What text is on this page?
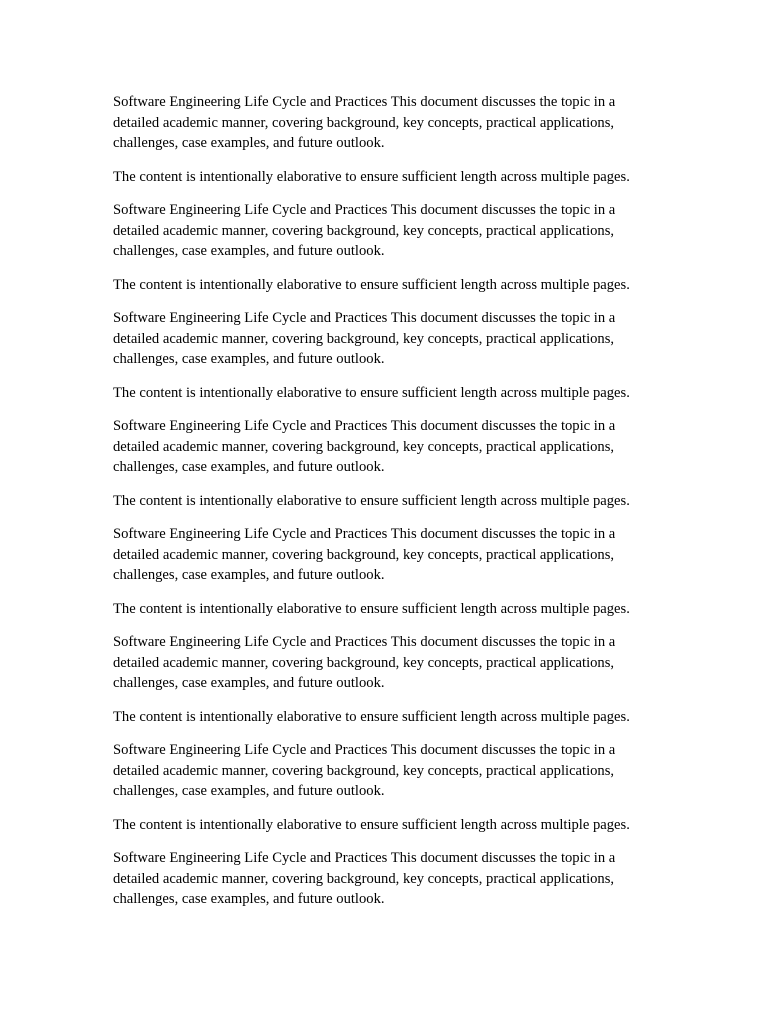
Software Engineering Life Cycle and Practices This document discusses the topic in a
detailed academic manner, covering background, key concepts, practical applications,
challenges, case examples, and future outlook.

The content is intentionally elaborative to ensure sufficient length across multiple pages.

Software Engineering Life Cycle and Practices This document discusses the topic in a
detailed academic manner, covering background, key concepts, practical applications,
challenges, case examples, and future outlook.

The content is intentionally elaborative to ensure sufficient length across multiple pages.

Software Engineering Life Cycle and Practices This document discusses the topic in a
detailed academic manner, covering background, key concepts, practical applications,
challenges, case examples, and future outlook.

The content is intentionally elaborative to ensure sufficient length across multiple pages.

Software Engineering Life Cycle and Practices This document discusses the topic in a
detailed academic manner, covering background, key concepts, practical applications,
challenges, case examples, and future outlook.

The content is intentionally elaborative to ensure sufficient length across multiple pages.

Software Engineering Life Cycle and Practices This document discusses the topic in a
detailed academic manner, covering background, key concepts, practical applications,
challenges, case examples, and future outlook.

The content is intentionally elaborative to ensure sufficient length across multiple pages.

Software Engineering Life Cycle and Practices This document discusses the topic in a
detailed academic manner, covering background, key concepts, practical applications,
challenges, case examples, and future outlook.

The content is intentionally elaborative to ensure sufficient length across multiple pages.

Software Engineering Life Cycle and Practices This document discusses the topic in a
detailed academic manner, covering background, key concepts, practical applications,
challenges, case examples, and future outlook.

The content is intentionally elaborative to ensure sufficient length across multiple pages.

Software Engineering Life Cycle and Practices This document discusses the topic in a
detailed academic manner, covering background, key concepts, practical applications,
challenges, case examples, and future outlook.
